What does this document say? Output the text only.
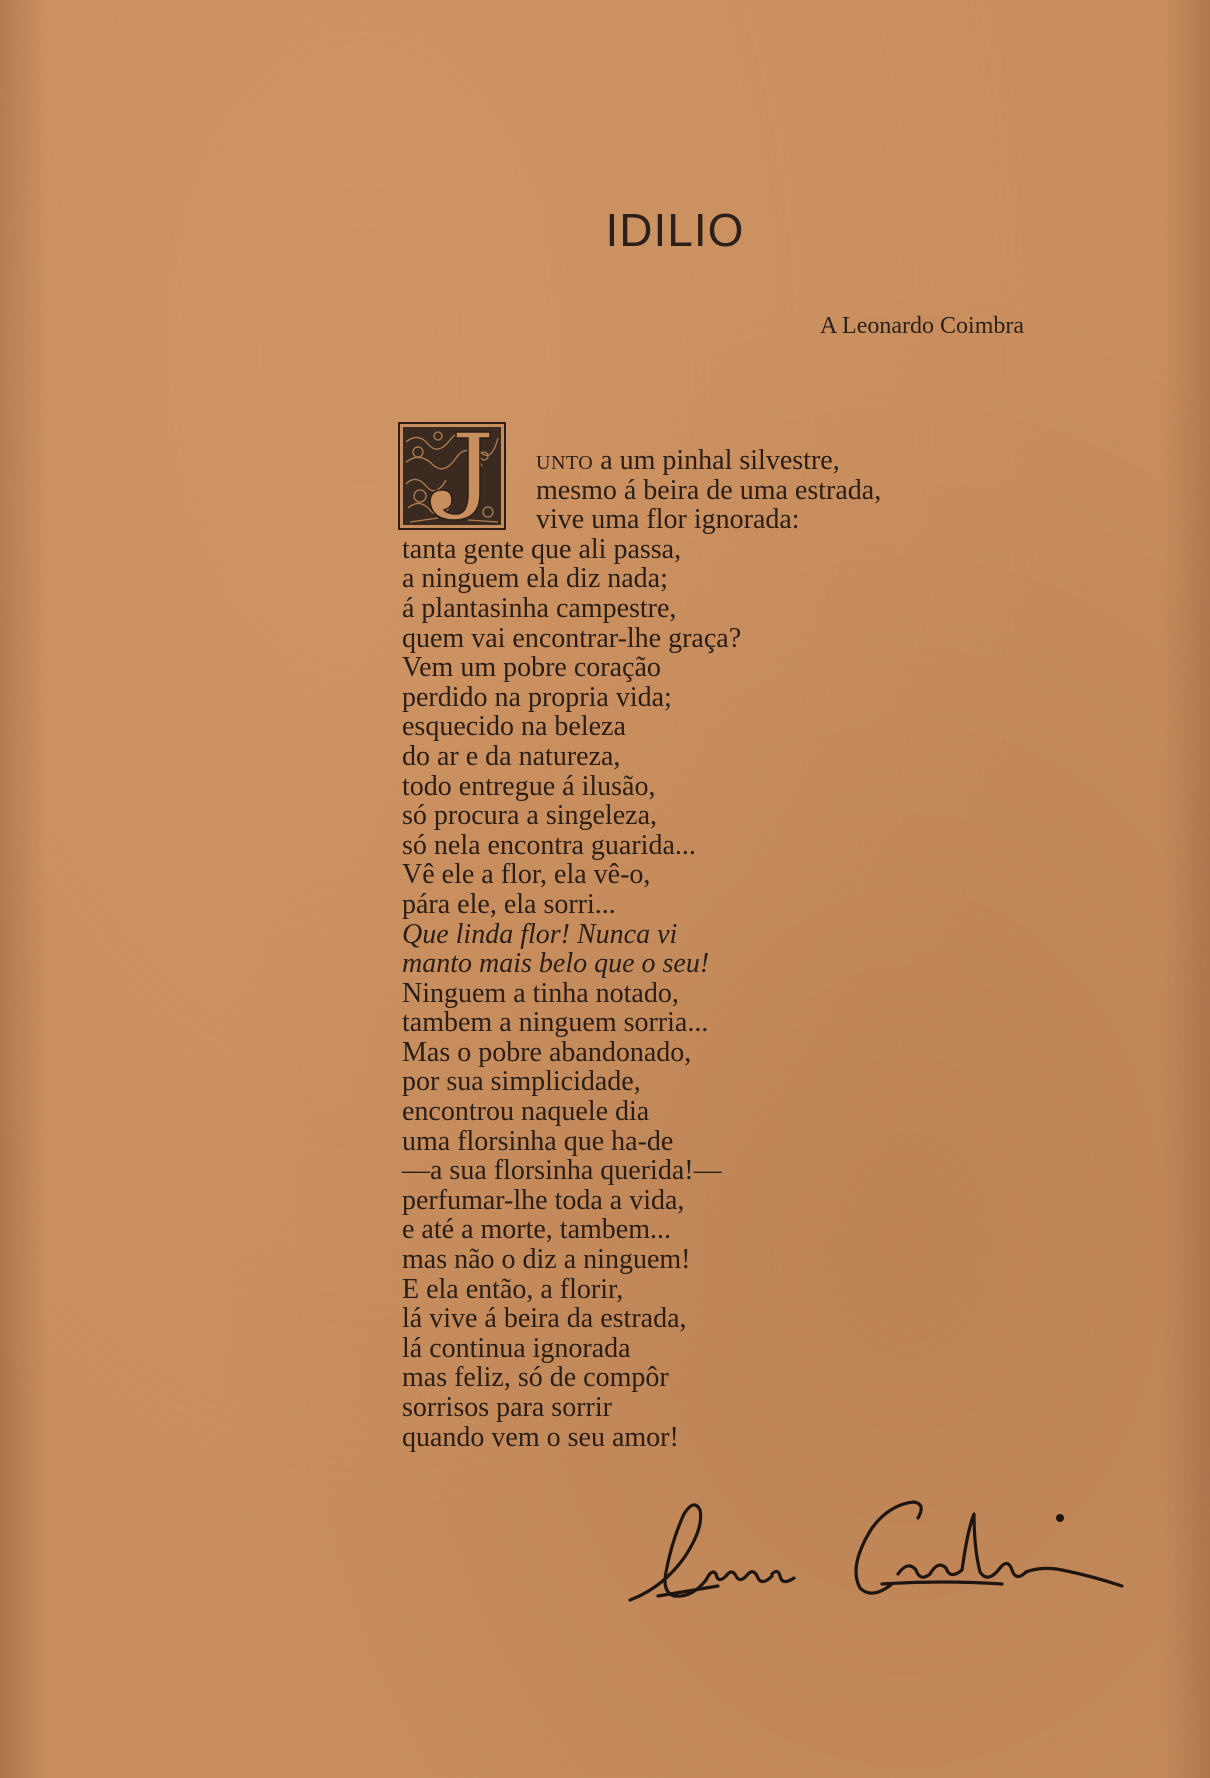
IDILIO
A Leonardo Coimbra
unto a um pinhal silvestre,
mesmo á beira de uma estrada,
vive uma flor ignorada:
tanta gente que ali passa,
a ninguem ela diz nada;
á plantasinha campestre,
quem vai encontrar-lhe graça?
Vem um pobre coração
perdido na propria vida;
esquecido na beleza
do ar e da natureza,
todo entregue á ilusão,
só procura a singeleza,
só nela encontra guarida...
Vê ele a flor, ela vê-o,
pára ele, ela sorri...
Que linda flor! Nunca vi
manto mais belo que o seu!
Ninguem a tinha notado,
tambem a ninguem sorria...
Mas o pobre abandonado,
por sua simplicidade,
encontrou naquele dia
uma florsinha que ha-de
—a sua florsinha querida!—
perfumar-lhe toda a vida,
e até a morte, tambem...
mas não o diz a ninguem!
E ela então, a florir,
lá vive á beira da estrada,
lá continua ignorada
mas feliz, só de compôr
sorrisos para sorrir
quando vem o seu amor!
